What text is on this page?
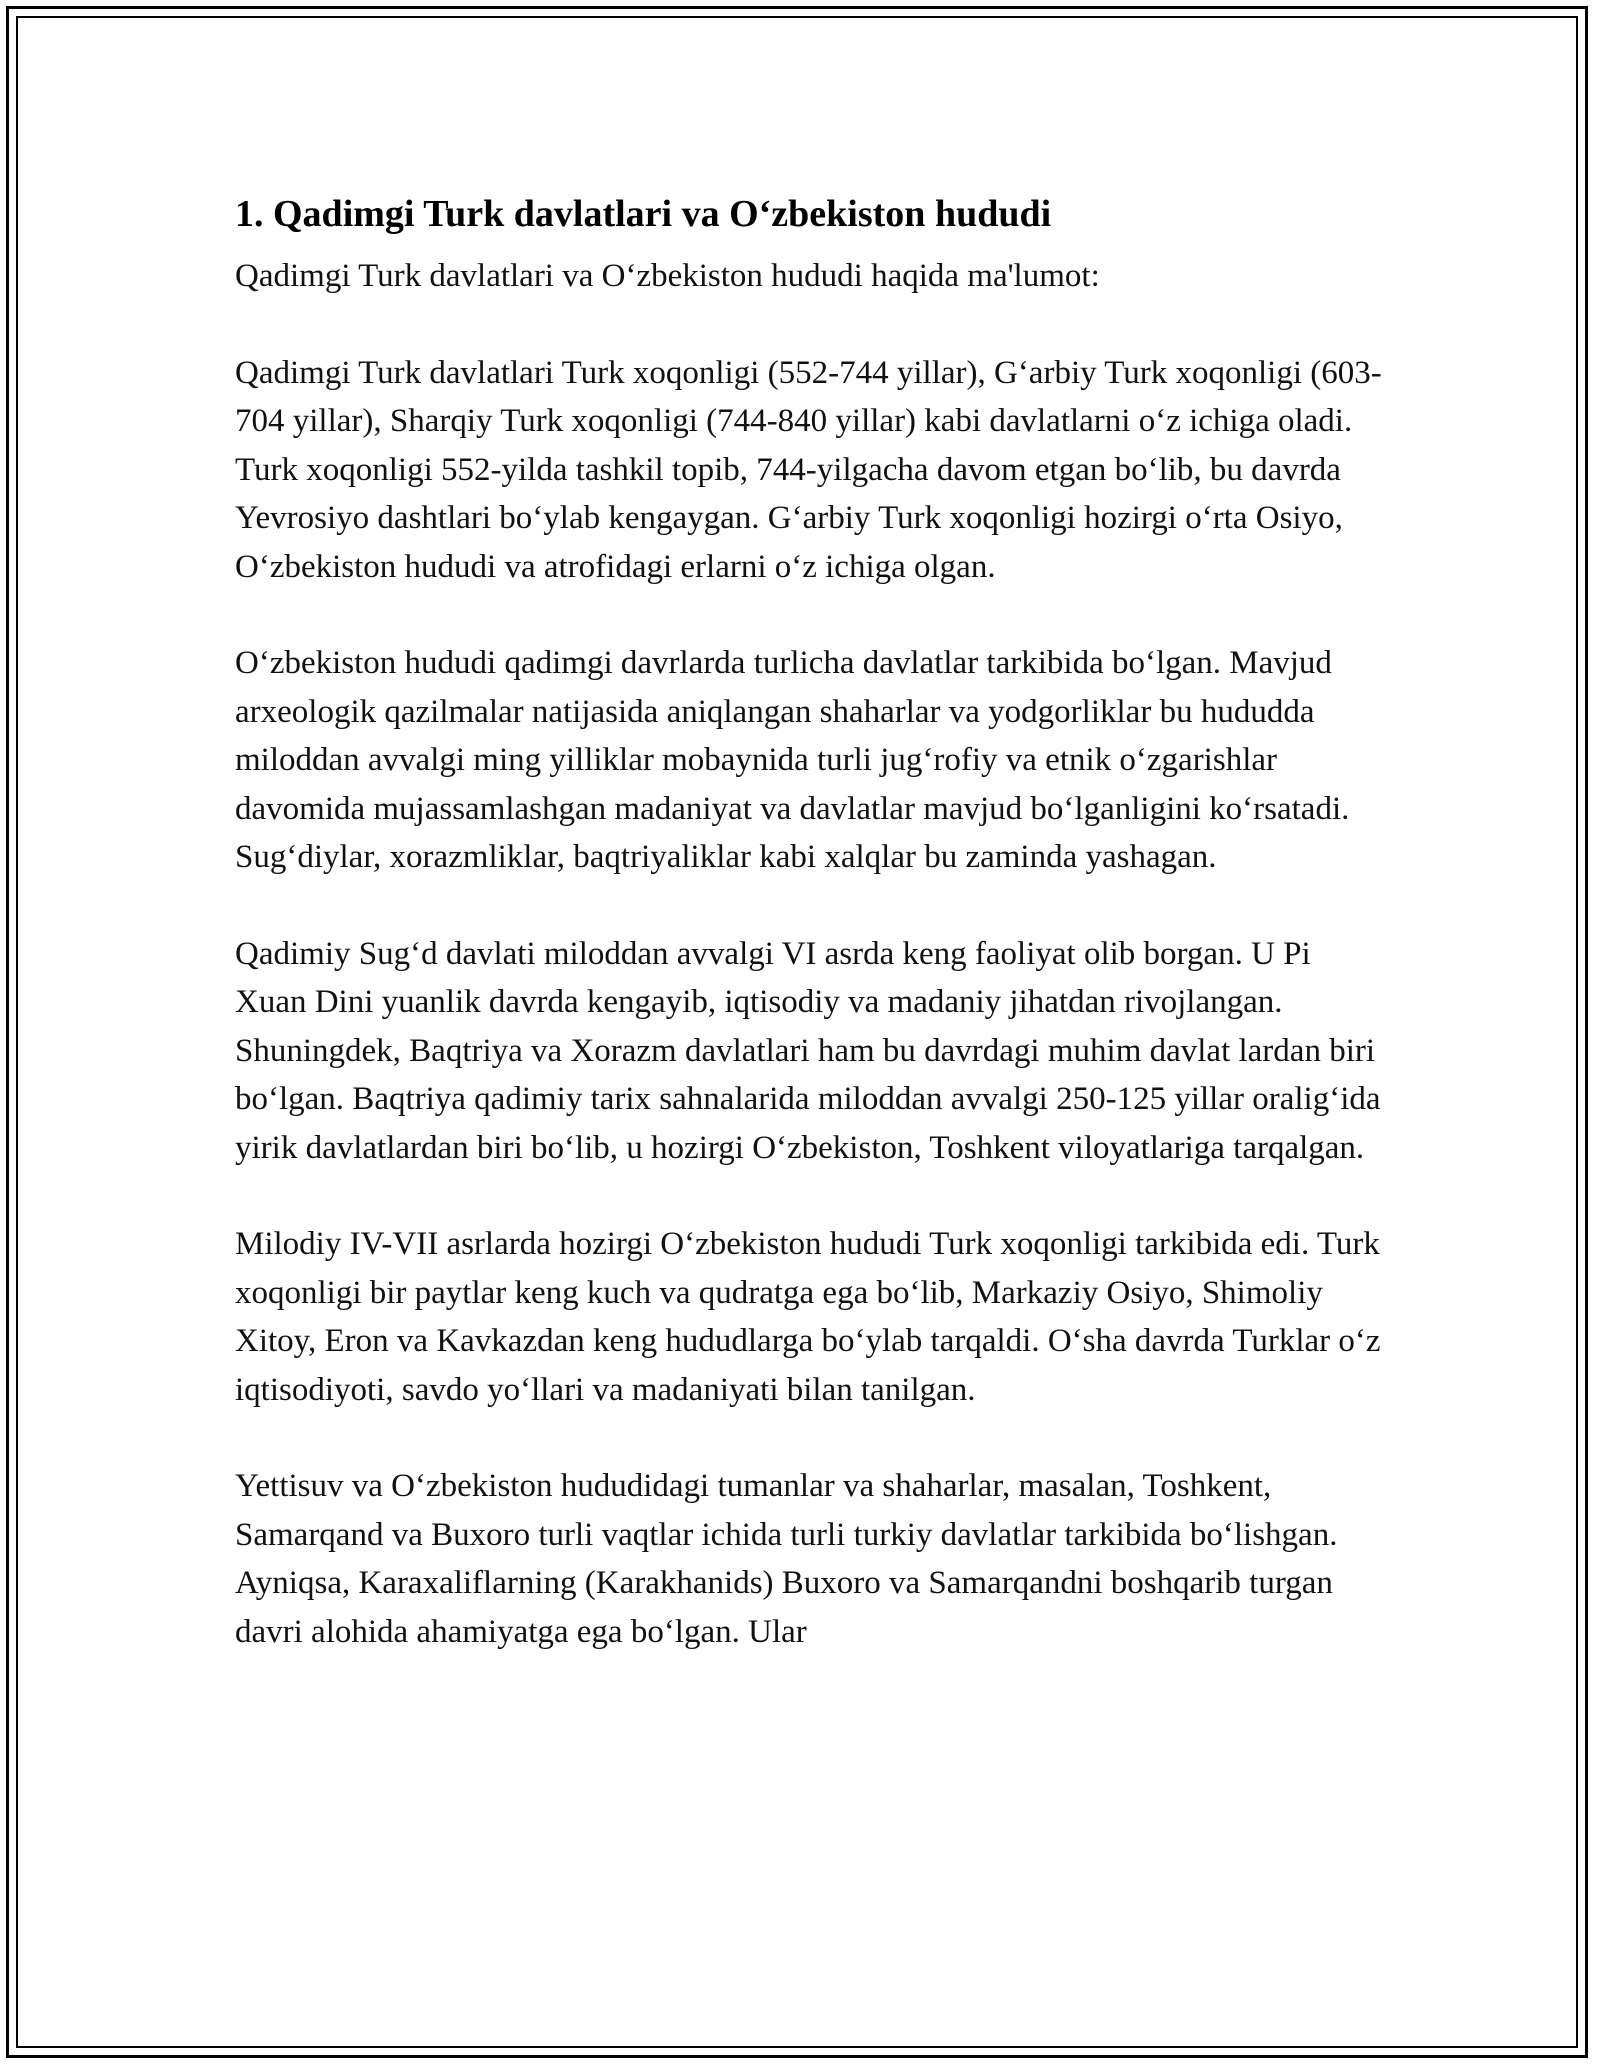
1. Qadimgi Turk davlatlari va O‘zbekiston hududi

Qadimgi Turk davlatlari va O‘zbekiston hududi haqida ma'lumot:

Qadimgi Turk davlatlari Turk xoqonligi (552-744 yillar), G‘arbiy Turk xoqonligi (603-704 yillar), Sharqiy Turk xoqonligi (744-840 yillar) kabi davlatlarni o‘z ichiga oladi. Turk xoqonligi 552-yilda tashkil topib, 744-yilgacha davom etgan bo‘lib, bu davrda Yevrosiyo dashtlari bo‘ylab kengaygan. G‘arbiy Turk xoqonligi hozirgi o‘rta Osiyo, O‘zbekiston hududi va atrofidagi erlarni o‘z ichiga olgan.

O‘zbekiston hududi qadimgi davrlarda turlicha davlatlar tarkibida bo‘lgan. Mavjud arxeologik qazilmalar natijasida aniqlangan shaharlar va yodgorliklar bu hududda miloddan avvalgi ming yilliklar mobaynida turli jug‘rofiy va etnik o‘zgarishlar davomida mujassamlashgan madaniyat va davlatlar mavjud bo‘lganligini ko‘rsatadi. Sug‘diylar, xorazmliklar, baqtriyaliklar kabi xalqlar bu zaminda yashagan.

Qadimiy Sug‘d davlati miloddan avvalgi VI asrda keng faoliyat olib borgan. U Pi Xuan Dini yuanlik davrda kengayib, iqtisodiy va madaniy jihatdan rivojlangan. Shuningdek, Baqtriya va Xorazm davlatlari ham bu davrdagi muhim davlat lardan biri bo‘lgan. Baqtriya qadimiy tarix sahnalarida miloddan avvalgi 250-125 yillar oralig‘ida yirik davlatlardan biri bo‘lib, u hozirgi O‘zbekiston, Toshkent viloyatlariga tarqalgan.

Milodiy IV-VII asrlarda hozirgi O‘zbekiston hududi Turk xoqonligi tarkibida edi. Turk xoqonligi bir paytlar keng kuch va qudratga ega bo‘lib, Markaziy Osiyo, Shimoliy Xitoy, Eron va Kavkazdan keng hududlarga bo‘ylab tarqaldi. O‘sha davrda Turklar o‘z iqtisodiyoti, savdo yo‘llari va madaniyati bilan tanilgan.

Yettisuv va O‘zbekiston hududidagi tumanlar va shaharlar, masalan, Toshkent, Samarqand va Buxoro turli vaqtlar ichida turli turkiy davlatlar tarkibida bo‘lishgan. Ayniqsa, Karaxaliflarning (Karakhanids) Buxoro va Samarqandni boshqarib turgan davri alohida ahamiyatga ega bo‘lgan. Ular
